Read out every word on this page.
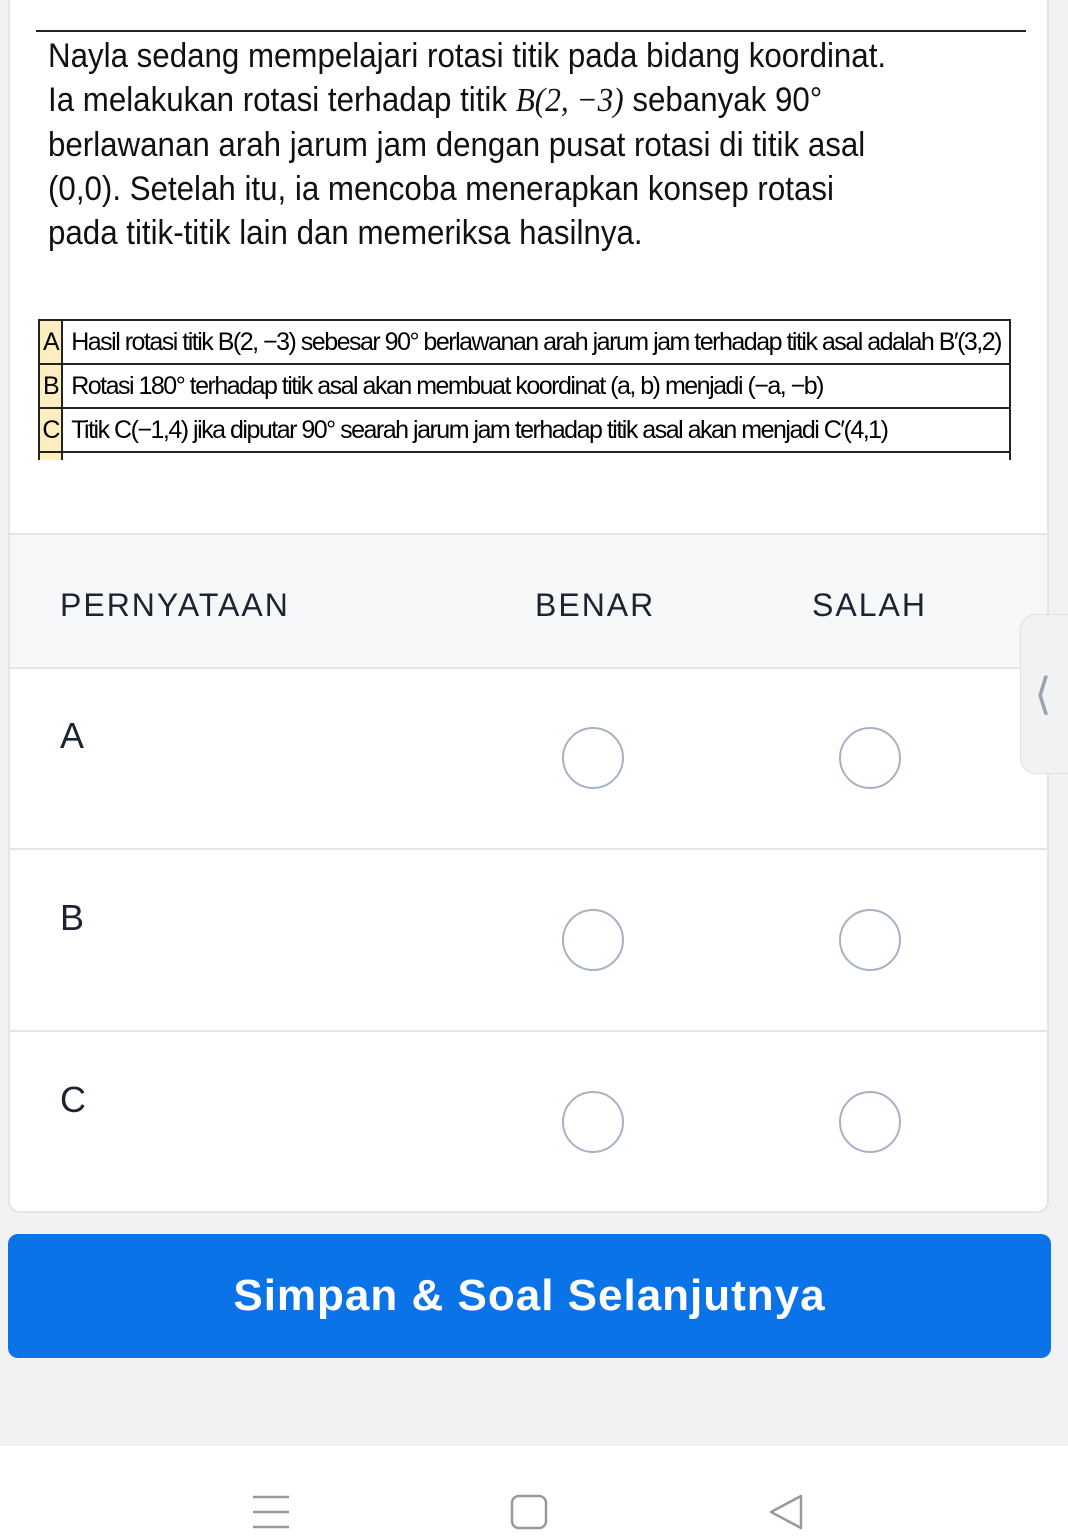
Nayla sedang mempelajari rotasi titik pada bidang koordinat.
Ia melakukan rotasi terhadap titik B(2, −3) sebanyak 90°
berlawanan arah jarum jam dengan pusat rotasi di titik asal
(0,0). Setelah itu, ia mencoba menerapkan konsep rotasi
pada titik-titik lain dan memeriksa hasilnya.
A	Hasil rotasi titik B(2, −3) sebesar 90° berlawanan arah jarum jam terhadap titik asal adalah B′(3,2)
B	Rotasi 180° terhadap titik asal akan membuat koordinat (a, b) menjadi (−a, −b)
C	Titik C(−1,4) jika diputar 90° searah jarum jam terhadap titik asal akan menjadi C′(4,1)

PERNYATAAN	BENAR	SALAH
A
B
C
⟨
Simpan & Soal Selanjutnya
